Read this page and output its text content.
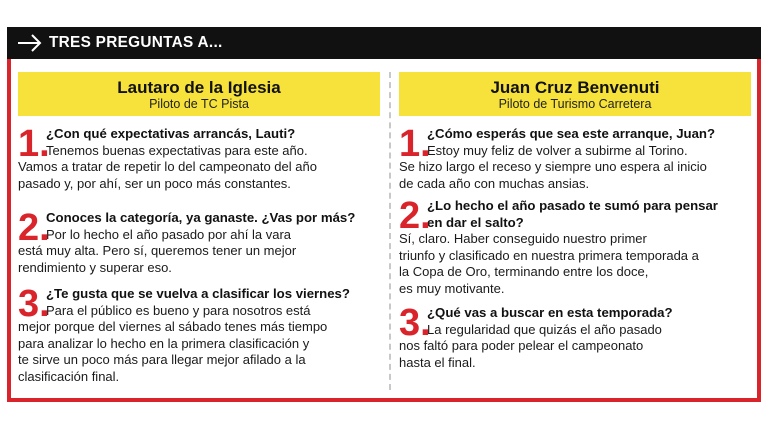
TRES PREGUNTAS A...
Lautaro de la Iglesia
Piloto de TC Pista
1.
¿Con qué expectativas arrancás, Lauti?
Tenemos buenas expectativas para este año.
Vamos a tratar de repetir lo del campeonato del año
pasado y, por ahí, ser un poco más constantes.
2.
Conoces la categoría, ya ganaste. ¿Vas por más?
Por lo hecho el año pasado por ahí la vara
está muy alta. Pero sí, queremos tener un mejor
rendimiento y superar eso.
3.
¿Te gusta que se vuelva a clasificar los viernes?
Para el público es bueno y para nosotros está
mejor porque del viernes al sábado tenes más tiempo
para analizar lo hecho en la primera clasificación y
te sirve un poco más para llegar mejor afilado a la
clasificación final.
Juan Cruz Benvenuti
Piloto de Turismo Carretera
1.
¿Cómo esperás que sea este arranque, Juan?
Estoy muy feliz de volver a subirme al Torino.
Se hizo largo el receso y siempre uno espera al inicio
de cada año con muchas ansias.
2.
¿Lo hecho el año pasado te sumó para pensar
en dar el salto?
Sí, claro. Haber conseguido nuestro primer
triunfo y clasificado en nuestra primera temporada a
la Copa de Oro, terminando entre los doce,
es muy motivante.
3.
¿Qué vas a buscar en esta temporada?
La regularidad que quizás el año pasado
nos faltó para poder pelear el campeonato
hasta el final.
